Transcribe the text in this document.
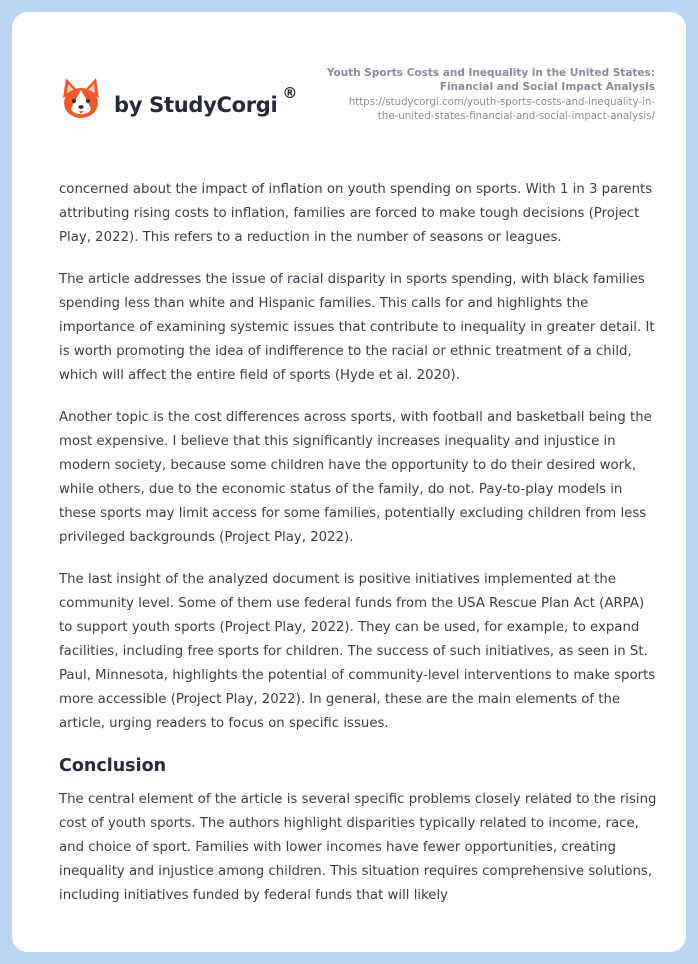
by StudyCorgi ®
Youth Sports Costs and Inequality in the United States:
Financial and Social Impact Analysis
https://studycorgi.com/youth-sports-costs-and-inequality-in-
the-united-states-financial-and-social-impact-analysis/

concerned about the impact of inflation on youth spending on sports. With 1 in 3 parents attributing rising costs to inflation, families are forced to make tough decisions (Project Play, 2022). This refers to a reduction in the number of seasons or leagues.

The article addresses the issue of racial disparity in sports spending, with black families spending less than white and Hispanic families. This calls for and highlights the importance of examining systemic issues that contribute to inequality in greater detail. It is worth promoting the idea of indifference to the racial or ethnic treatment of a child, which will affect the entire field of sports (Hyde et al. 2020).

Another topic is the cost differences across sports, with football and basketball being the most expensive. I believe that this significantly increases inequality and injustice in modern society, because some children have the opportunity to do their desired work, while others, due to the economic status of the family, do not. Pay-to-play models in these sports may limit access for some families, potentially excluding children from less privileged backgrounds (Project Play, 2022).

The last insight of the analyzed document is positive initiatives implemented at the community level. Some of them use federal funds from the USA Rescue Plan Act (ARPA) to support youth sports (Project Play, 2022). They can be used, for example, to expand facilities, including free sports for children. The success of such initiatives, as seen in St. Paul, Minnesota, highlights the potential of community-level interventions to make sports more accessible (Project Play, 2022). In general, these are the main elements of the article, urging readers to focus on specific issues.

Conclusion

The central element of the article is several specific problems closely related to the rising cost of youth sports. The authors highlight disparities typically related to income, race, and choice of sport. Families with lower incomes have fewer opportunities, creating inequality and injustice among children. This situation requires comprehensive solutions, including initiatives funded by federal funds that will likely
